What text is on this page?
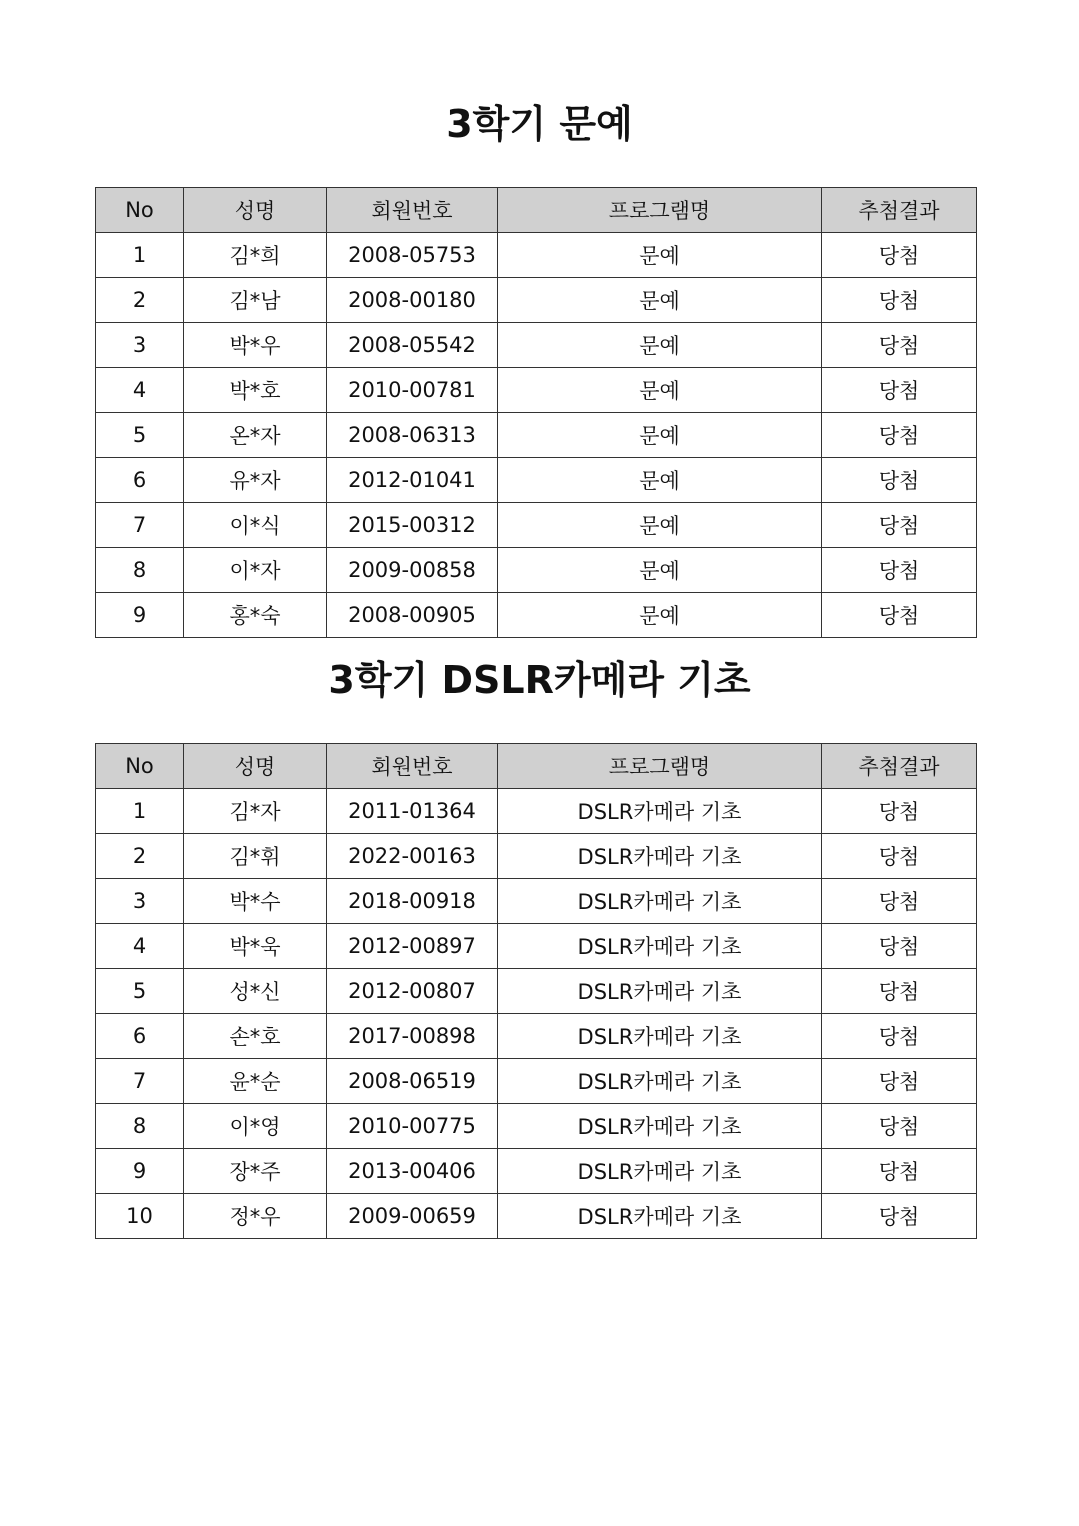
3학기 문예
No	성명	회원번호	프로그램명	추첨결과
1	김*희	2008-05753	문예	당첨
2	김*남	2008-00180	문예	당첨
3	박*우	2008-05542	문예	당첨
4	박*호	2010-00781	문예	당첨
5	온*자	2008-06313	문예	당첨
6	유*자	2012-01041	문예	당첨
7	이*식	2015-00312	문예	당첨
8	이*자	2009-00858	문예	당첨
9	홍*숙	2008-00905	문예	당첨
3학기 DSLR카메라 기초
No	성명	회원번호	프로그램명	추첨결과
1	김*자	2011-01364	DSLR카메라 기초	당첨
2	김*휘	2022-00163	DSLR카메라 기초	당첨
3	박*수	2018-00918	DSLR카메라 기초	당첨
4	박*욱	2012-00897	DSLR카메라 기초	당첨
5	성*신	2012-00807	DSLR카메라 기초	당첨
6	손*호	2017-00898	DSLR카메라 기초	당첨
7	윤*순	2008-06519	DSLR카메라 기초	당첨
8	이*영	2010-00775	DSLR카메라 기초	당첨
9	장*주	2013-00406	DSLR카메라 기초	당첨
10	정*우	2009-00659	DSLR카메라 기초	당첨
